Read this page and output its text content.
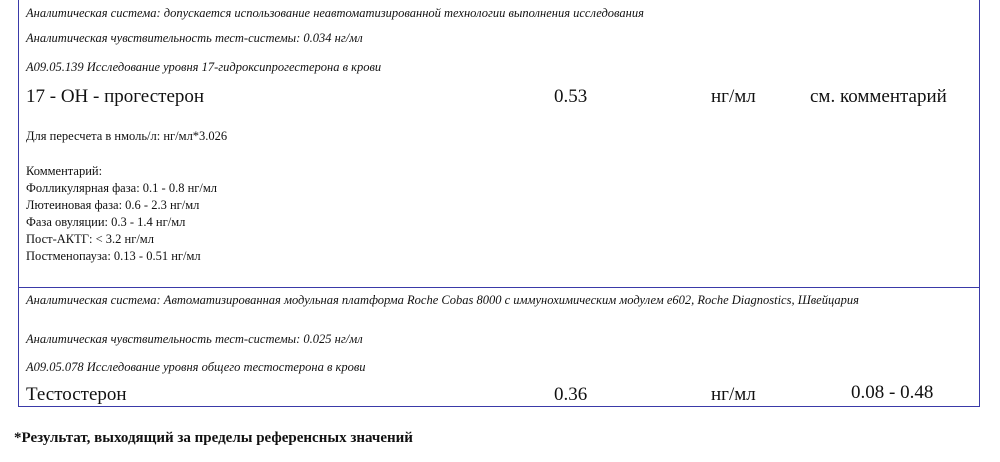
Аналитическая система: допускается использование неавтоматизированной технологии выполнения исследования
Аналитическая чувствительность тест-системы: 0.034 нг/мл
А09.05.139 Исследование уровня 17-гидроксипрогестерона в крови
17 - ОН - прогестерон	0.53	нг/мл	см. комментарий
Для пересчета в нмоль/л: нг/мл*3.026
Комментарий:
Фолликулярная фаза: 0.1 - 0.8 нг/мл
Лютеиновая фаза: 0.6 - 2.3 нг/мл
Фаза овуляции: 0.3 - 1.4 нг/мл
Пост-АКТГ: < 3.2 нг/мл
Постменопауза: 0.13 - 0.51 нг/мл
Аналитическая система: Автоматизированная модульная платформа Roche Cobas 8000 с иммунохимическим модулем e602, Roche Diagnostics, Швейцария
Аналитическая чувствительность тест-системы: 0.025 нг/мл
А09.05.078 Исследование уровня общего тестостерона в крови
Тестостерон	0.36	нг/мл	0.08 - 0.48
*Результат, выходящий за пределы референсных значений
